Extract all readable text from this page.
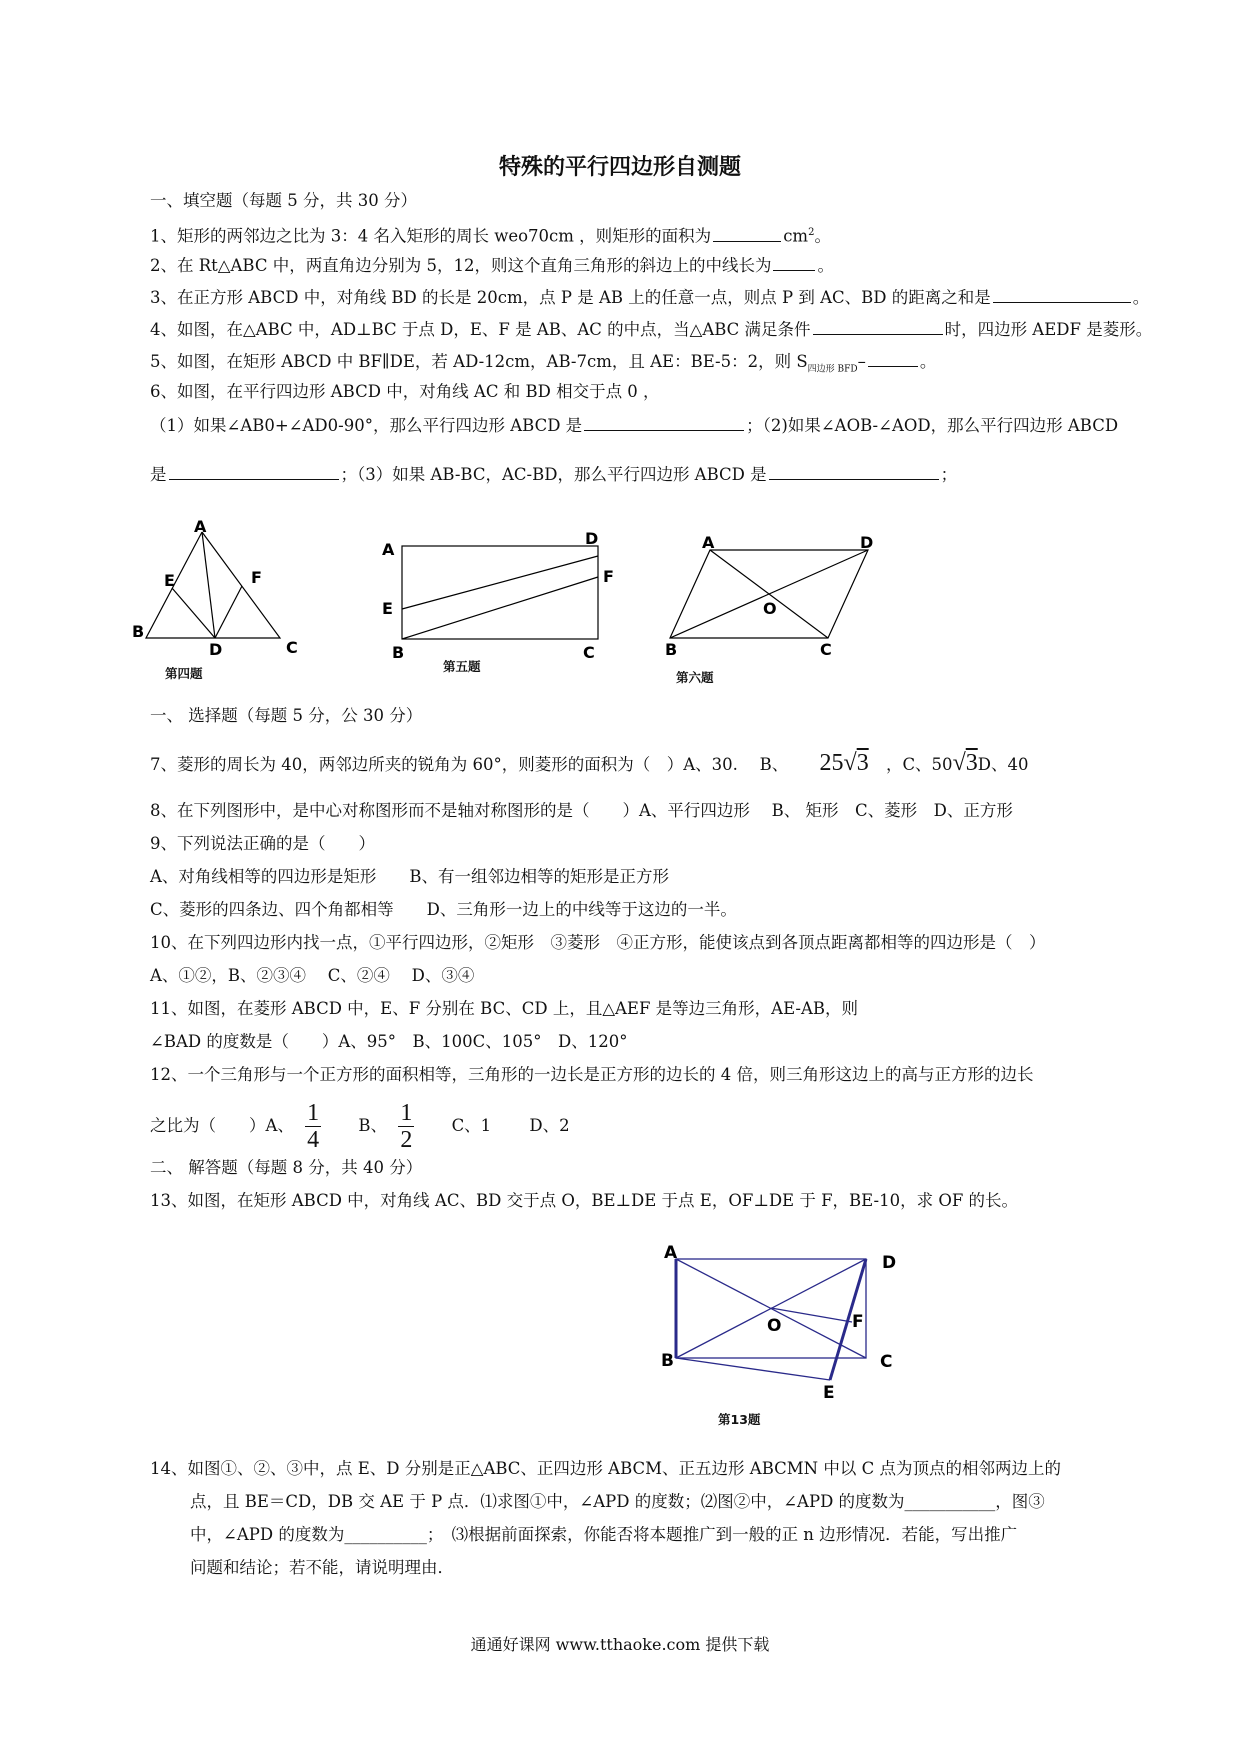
特殊的平行四边形自测题
一、填空题（每题 5 分，共 30 分）
1、矩形的两邻边之比为 3：4 名入矩形的周长 weo70cm ，则矩形的面积为	$cm^2$。
2、在 Rt△ABC 中，两直角边分别为 5，12，则这个直角三角形的斜边上的中线长为	。
3、在正方形 ABCD 中，对角线 BD 的长是 20cm，点 P 是 AB 上的任意一点，则点 P 到 AC、BD 的距离之和是	。
4、如图，在△ABC 中，AD⊥BC 于点 D，E、F 是 AB、AC 的中点，当△ABC 满足条件	时，四边形 AEDF 是菱形。
5、如图，在矩形 ABCD 中 BF∥DE，若 AD-12cm，AB-7cm，且 AE：BE-5：2，则 $S_{四边形 BFD}-$	。
6、如图，在平行四边形 ABCD 中，对角线 AC 和 BD 相交于点 0 ，
（1）如果∠AB0+∠AD0-90°，那么平行四边形 ABCD 是	；（2)如果∠AOB-∠AOD，那么平行四边形 ABCD
是	；（3）如果 AB-BC，AC-BD，那么平行四边形 ABCD 是	；
A
E	F
B
D	C
第四题
A
D
F
E
B	C
第五题
A	D
O
B	C
第六题
一、 选择题（每题 5 分，公 30 分）
7、菱形的周长为 40，两邻边所夹的锐角为 60°，则菱形的面积为（　）A、30.　 B、 25√3 ，C、50√3D、40
8、在下列图形中，是中心对称图形而不是轴对称图形的是（　　）A、平行四边形　 B、 矩形　C、菱形　D、正方形
9、下列说法正确的是（　　）
A、对角线相等的四边形是矩形　　B、有一组邻边相等的矩形是正方形
C、菱形的四条边、四个角都相等　　D、三角形一边上的中线等于这边的一半。
10、在下列四边形内找一点，①平行四边形，②矩形　③菱形　④正方形，能使该点到各顶点距离都相等的四边形是（　）
A、①②，B、②③④　 C、②④　 D、③④
11、如图，在菱形 ABCD 中，E、F 分别在 BC、CD 上，且△AEF 是等边三角形，AE-AB，则
∠BAD 的度数是（　　）A、95°　B、100C、105°　D、120°
12、一个三角形与一个正方形的面积相等，三角形的一边长是正方形的边长的 4 倍，则三角形这边上的高与正方形的边长
之比为（　　）A、 $\frac{1}{4}$ B、 $\frac{1}{2}$ C、1　　 D、2
二、 解答题（每题 8 分，共 40 分）
13、如图，在矩形 ABCD 中，对角线 AC、BD 交于点 O，BE⊥DE 于点 E，OF⊥DE 于 F，BE-10，求 OF 的长。
A	D
O	F
B	C
E
第13题
14、如图①、②、③中，点 E、D 分别是正△ABC、正四边形 ABCM、正五边形 ABCMN 中以 C 点为顶点的相邻两边上的
点，且 BE＝CD，DB 交 AE 于 P 点．⑴求图①中，∠APD 的度数；⑵图②中，∠APD 的度数为___________，图③
中，∠APD 的度数为__________；　⑶根据前面探索，你能否将本题推广到一般的正 n 边形情况．若能，写出推广
问题和结论；若不能，请说明理由．
通通好课网 www.tthaoke.com 提供下载
